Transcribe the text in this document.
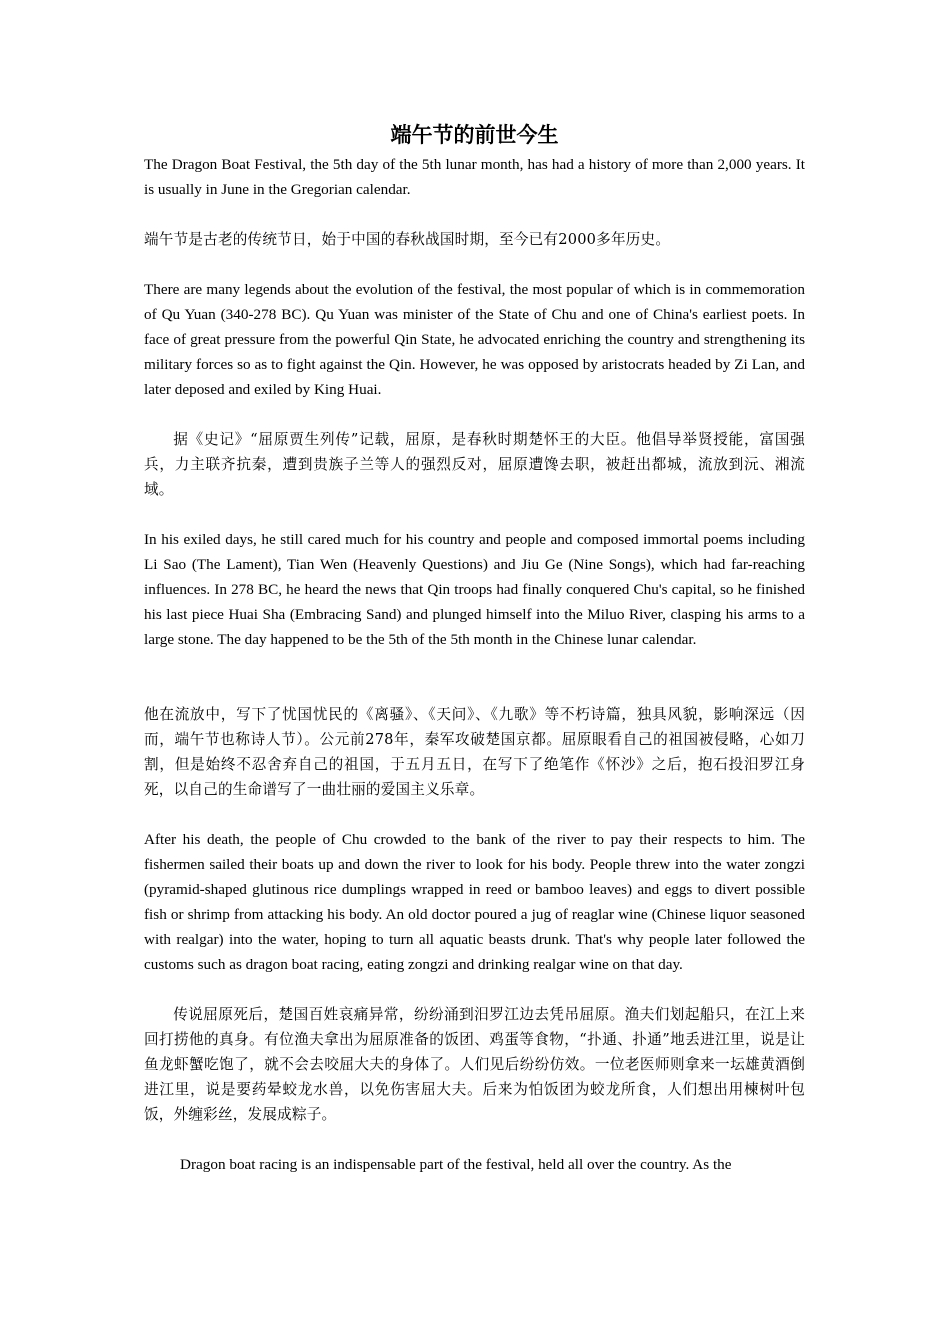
端午节的前世今生

The Dragon Boat Festival, the 5th day of the 5th lunar month, has had a history of more than 2,000 years. It is usually in June in the Gregorian calendar.

端午节是古老的传统节日，始于中国的春秋战国时期，至今已有2000多年历史。

There are many legends about the evolution of the festival, the most popular of which is in commemoration of Qu Yuan (340-278 BC). Qu Yuan was minister of the State of Chu and one of China's earliest poets. In face of great pressure from the powerful Qin State, he advocated enriching the country and strengthening its military forces so as to fight against the Qin. However, he was opposed by aristocrats headed by Zi Lan, and later deposed and exiled by King Huai.

据《史记》“屈原贾生列传”记载，屈原，是春秋时期楚怀王的大臣。他倡导举贤授能，富国强兵，力主联齐抗秦，遭到贵族子兰等人的强烈反对，屈原遭馋去职，被赶出都城，流放到沅、湘流域。

In his exiled days, he still cared much for his country and people and composed immortal poems including Li Sao (The Lament), Tian Wen (Heavenly Questions) and Jiu Ge (Nine Songs), which had far-reaching influences. In 278 BC, he heard the news that Qin troops had finally conquered Chu's capital, so he finished his last piece Huai Sha (Embracing Sand) and plunged himself into the Miluo River, clasping his arms to a large stone. The day happened to be the 5th of the 5th month in the Chinese lunar calendar.

他在流放中，写下了忧国忧民的《离骚》、《天问》、《九歌》等不朽诗篇，独具风貌，影响深远（因而，端午节也称诗人节）。公元前278年，秦军攻破楚国京都。屈原眼看自己的祖国被侵略，心如刀割，但是始终不忍舍弃自己的祖国，于五月五日，在写下了绝笔作《怀沙》之后，抱石投汨罗江身死，以自己的生命谱写了一曲壮丽的爱国主义乐章。

After his death, the people of Chu crowded to the bank of the river to pay their respects to him. The fishermen sailed their boats up and down the river to look for his body. People threw into the water zongzi (pyramid-shaped glutinous rice dumplings wrapped in reed or bamboo leaves) and eggs to divert possible fish or shrimp from attacking his body. An old doctor poured a jug of reaglar wine (Chinese liquor seasoned with realgar) into the water, hoping to turn all aquatic beasts drunk. That's why people later followed the customs such as dragon boat racing, eating zongzi and drinking realgar wine on that day.

传说屈原死后，楚国百姓哀痛异常，纷纷涌到汨罗江边去凭吊屈原。渔夫们划起船只，在江上来回打捞他的真身。有位渔夫拿出为屈原准备的饭团、鸡蛋等食物，“扑通、扑通”地丢进江里，说是让鱼龙虾蟹吃饱了，就不会去咬屈大夫的身体了。人们见后纷纷仿效。一位老医师则拿来一坛雄黄酒倒进江里，说是要药晕蛟龙水兽，以免伤害屈大夫。后来为怕饭团为蛟龙所食，人们想出用楝树叶包饭，外缠彩丝，发展成粽子。

Dragon boat racing is an indispensable part of the festival, held all over the country. As the
